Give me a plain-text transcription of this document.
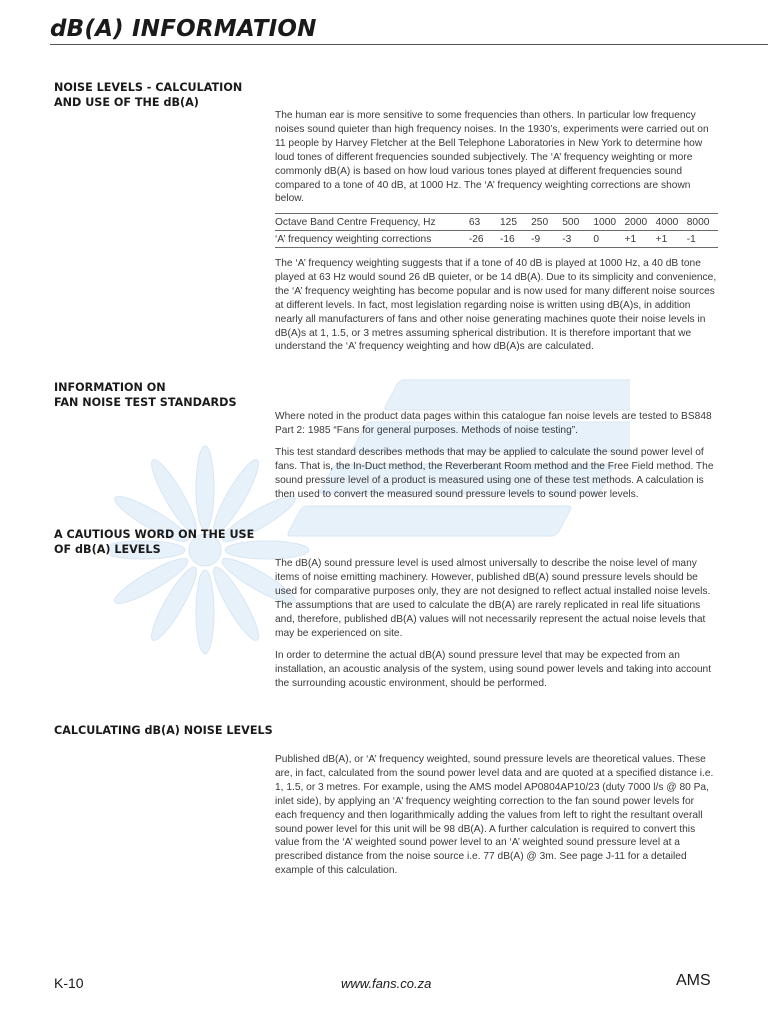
dB(A) INFORMATION
NOISE LEVELS - CALCULATION AND USE OF THE dB(A)

The human ear is more sensitive to some frequencies than others. In particular low frequency noises sound quieter than high frequency noises. In the 1930’s, experiments were carried out on 11 people by Harvey Fletcher at the Bell Telephone Laboratories in New York to determine how loud tones of different frequencies sounded subjectively. The ‘A’ frequency weighting or more commonly dB(A) is based on how loud various tones played at different frequencies sound compared to a tone of 40 dB, at 1000 Hz. The ‘A’ frequency weighting corrections are shown below.

Octave Band Centre Frequency, Hz	63	125	250	500	1000	2000	4000	8000
‘A’ frequency weighting corrections	-26	-16	-9	-3	0	+1	+1	-1

The ‘A’ frequency weighting suggests that if a tone of 40 dB is played at 1000 Hz, a 40 dB tone played at 63 Hz would sound 26 dB quieter, or be 14 dB(A). Due to its simplicity and convenience, the ‘A’ frequency weighting has become popular and is now used for many different noise sources at different levels. In fact, most legislation regarding noise is written using dB(A)s, in addition nearly all manufacturers of fans and other noise generating machines quote their noise levels in dB(A)s at 1, 1.5, or 3 metres assuming spherical distribution. It is therefore important that we understand the ‘A’ frequency weighting and how dB(A)s are calculated.

INFORMATION ON
FAN NOISE TEST STANDARDS

Where noted in the product data pages within this catalogue fan noise levels are tested to BS848 Part 2: 1985 “Fans for general purposes. Methods of noise testing”.

This test standard describes methods that may be applied to calculate the sound power level of fans. That is, the In-Duct method, the Reverberant Room method and the Free Field method. The sound pressure level of a product is measured using one of these test methods. A calculation is then used to convert the measured sound pressure levels to sound power levels.

A CAUTIOUS WORD ON THE USE OF dB(A) LEVELS

The dB(A) sound pressure level is used almost universally to describe the noise level of many items of noise emitting machinery. However, published dB(A) sound pressure levels should be used for comparative purposes only, they are not designed to reflect actual installed noise levels. The assumptions that are used to calculate the dB(A) are rarely replicated in real life situations and, therefore, published dB(A) values will not necessarily represent the actual noise levels that may be experienced on site.

In order to determine the actual dB(A) sound pressure level that may be expected from an installation, an acoustic analysis of the system, using sound power levels and taking into account the surrounding acoustic environment, should be performed.

CALCULATING dB(A) NOISE LEVELS

Published dB(A), or ‘A’ frequency weighted, sound pressure levels are theoretical values. These are, in fact, calculated from the sound power level data and are quoted at a specified distance i.e. 1, 1.5, or 3 metres. For example, using the AMS model AP0804AP10/23 (duty 7000 l/s @ 80 Pa, inlet side), by applying an ‘A’ frequency weighting correction to the fan sound power levels for each frequency and then logarithmically adding the values from left to right the resultant overall sound power level for this unit will be 98 dB(A). A further calculation is required to convert this value from the ‘A’ weighted sound power level to an ‘A’ weighted sound pressure level at a prescribed distance from the noise source i.e. 77 dB(A) @ 3m. See page J-11 for a detailed example of this calculation.

K-10	www.fans.co.za	AMS
